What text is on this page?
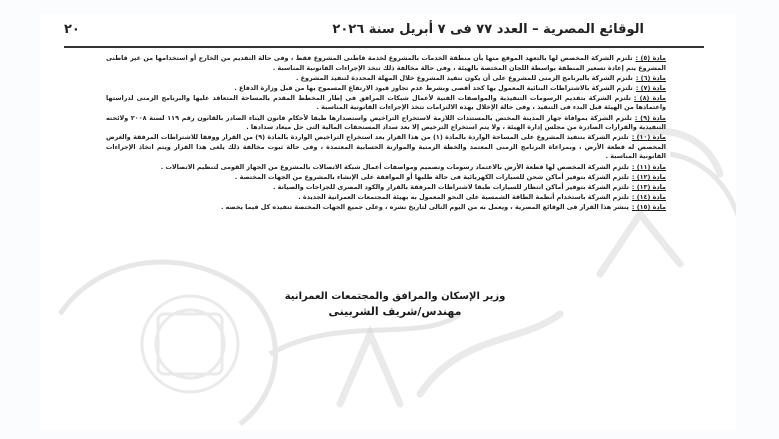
الوقائع المصرية – العدد ٧٧ فى ٧ أبريل سنة ٢٠٢٦
٢٠
مادة (٥) :تلتزم الشركة المخصص لها بالتعهد الموقع منها بأن منطقة الخدمات بالمشروع لخدمة قاطنى المشروع فقط ، وفى حالة التقديم من الخارج أو استخدامها من غير قاطنى المشروع يتم إعادة تسعير المنطقة بواسطة اللجان المختصة بالهيئة ، وفى حالة مخالفة ذلك تتخذ الإجراءات القانونية المناسبة .
مادة (٦) :تلتزم الشركة بالبرنامج الزمنى للمشروع على أن يكون تنفيذ المشروع خلال المهلة المحددة لتنفيذ المشروع .
مادة (٧) :تلتزم الشركة بالاشتراطات البنائية المعمول بها كحد أقصى وبشرط عدم تجاوز قيود الارتفاع المسموح بها من قبل وزارة الدفاع .
مادة (٨) :تلتزم الشركة بتقديم الرسومات التنفيذية والمواصفات الفنية لأعمال شبكات المرافق فى إطار المخطط المقدم بالمساحة المتعاقد عليها والبرنامج الزمنى لدراستها واعتمادها من الهيئة قبل البدء فى التنفيذ ، وفى حالة الإخلال بهذه الالتزامات تتخذ الإجراءات القانونية المناسبة .
مادة (٩) :تلتزم الشركة بموافاة جهاز المدينة المختص بالمستندات اللازمة لاستخراج التراخيص واستصدارها طبقا لأحكام قانون البناء الصادر بالقانون رقم ١١٩ لسنة ٢٠٠٨ ولائحته التنفيذية والقرارات الصادرة من مجلس إدارة الهيئة ، ولا يتم استخراج الترخيص إلا بعد سداد المستحقات المالية التى حل ميعاد سدادها .
مادة (١٠) :تلتزم الشركة بتنفيذ المشروع على المساحة الواردة بالمادة (١) من هذا القرار بعد استخراج التراخيص الواردة بالمادة (٩) من القرار ووفقا للاشتراطات المرفقة والغرض المخصص له قطعة الأرض ، وبمراعاة البرنامج الزمنى المعتمد والخطة الزمنية والموازنة الحسابية المعتمدة ، وفى حالة ثبوت مخالفة ذلك يلغى هذا القرار ويتم اتخاذ الإجراءات القانونية المناسبة .
مادة (١١) :تلتزم الشركة المخصص لها قطعة الأرض بالاعتماد رسومات وتصميم ومواصفات أعمال شبكة الاتصالات بالمشروع من الجهاز القومى لتنظيم الاتصالات .
مادة (١٢) :تلتزم الشركة بتوفير أماكن شحن للسيارات الكهربائية فى حالة طلبها أو الموافقة على الإنشاء بالمشروع من الجهات المختصة .
مادة (١٣) :تلتزم الشركة بتوفير أماكن انتظار للسيارات طبقا لاشتراطات المرفقة بالقرار والكود المصرى للجراجات والصيانة .
مادة (١٤) :تلتزم الشركة باستخدام أنظمة الطاقة الشمسية على النحو المعمول به بهيئة المجتمعات العمرانية الجديدة .
مادة (١٥) :ينشر هذا القرار فى الوقائع المصرية ، ويعمل به من اليوم التالى لتاريخ نشره ، وعلى جميع الجهات المختصة تنفيذه كل فيما يخصه .
وزير الإسكان والمرافق والمجتمعات العمرانية
مهندس/شريف الشربينى
